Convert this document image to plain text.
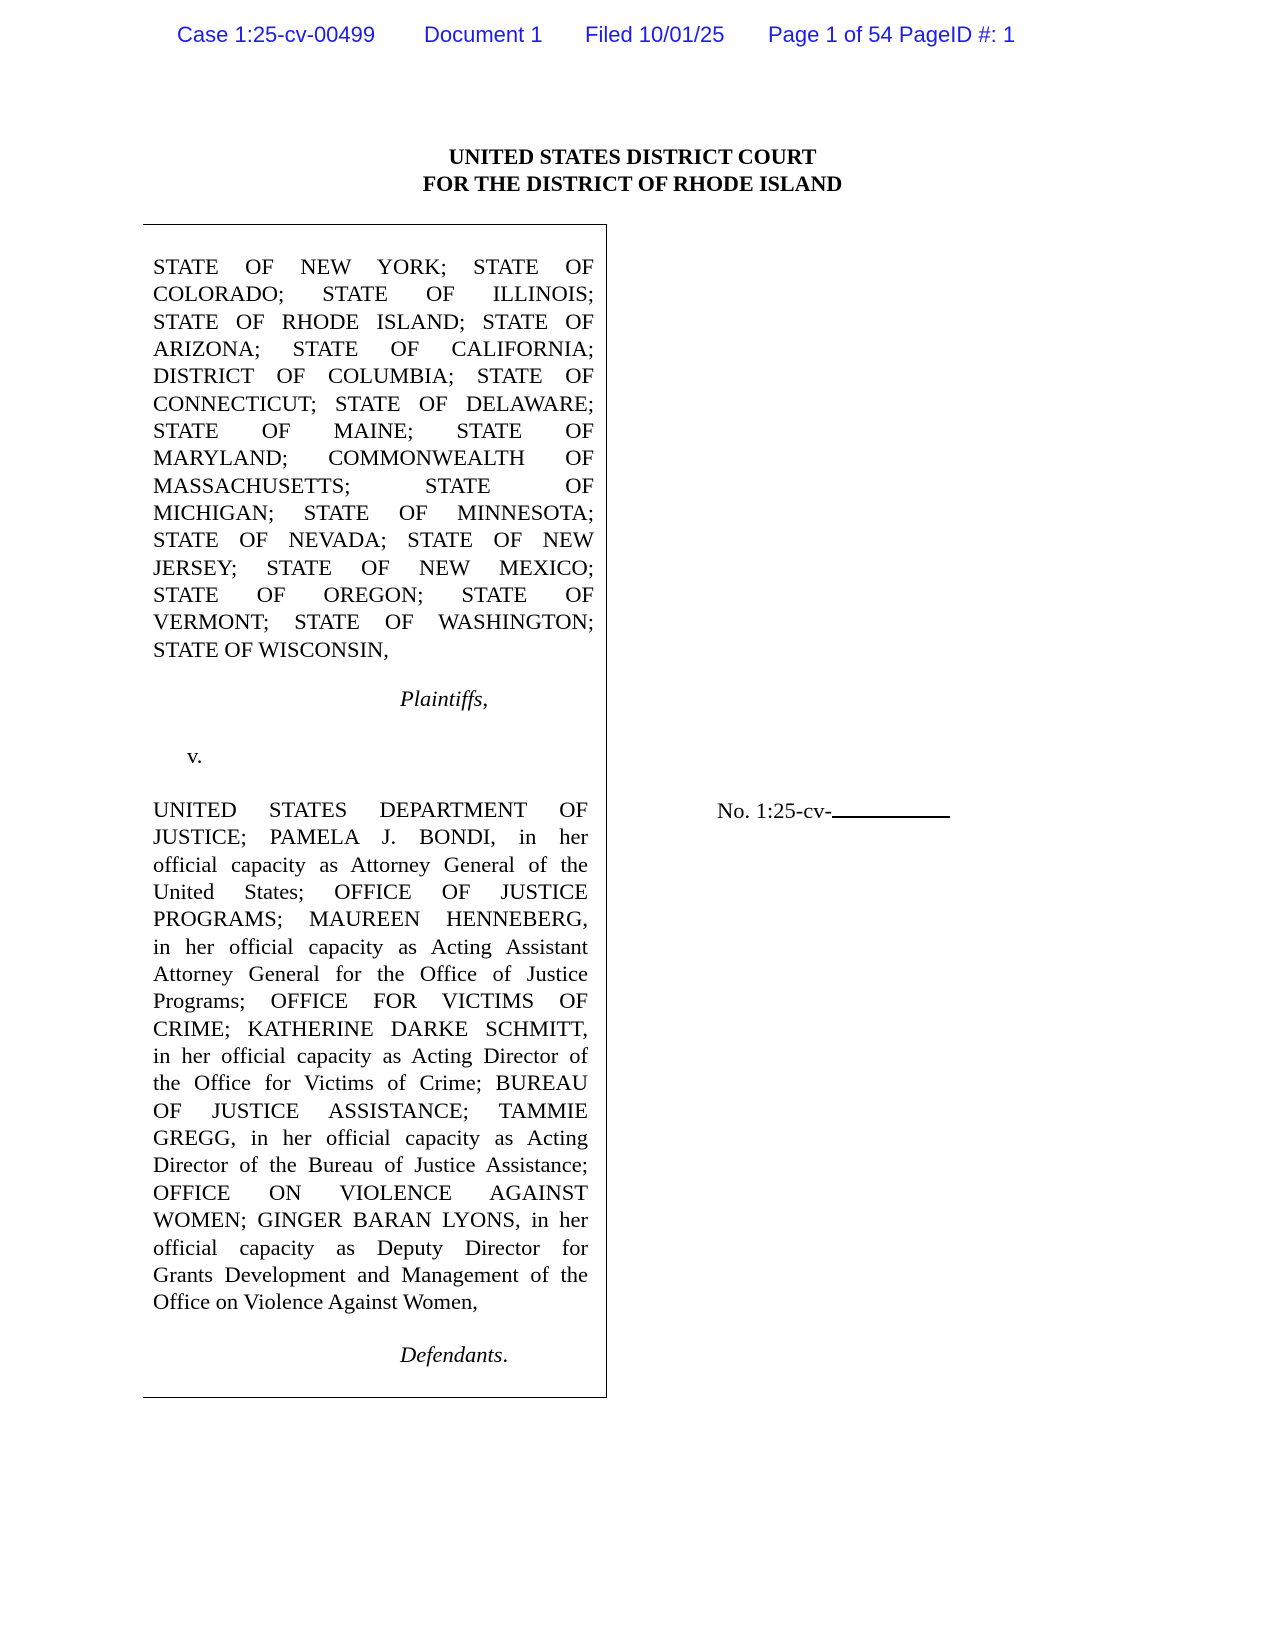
Case 1:25-cv-00499 Document 1 Filed 10/01/25 Page 1 of 54 PageID #: 1
UNITED STATES DISTRICT COURT
FOR THE DISTRICT OF RHODE ISLAND
STATE OF NEW YORK; STATE OF
COLORADO; STATE OF ILLINOIS;
STATE OF RHODE ISLAND; STATE OF
ARIZONA; STATE OF CALIFORNIA;
DISTRICT OF COLUMBIA; STATE OF
CONNECTICUT; STATE OF DELAWARE;
STATE OF MAINE; STATE OF
MARYLAND; COMMONWEALTH OF
MASSACHUSETTS; STATE OF
MICHIGAN; STATE OF MINNESOTA;
STATE OF NEVADA; STATE OF NEW
JERSEY; STATE OF NEW MEXICO;
STATE OF OREGON; STATE OF
VERMONT; STATE OF WASHINGTON;
STATE OF WISCONSIN,
Plaintiffs,
v.
UNITED STATES DEPARTMENT OF
JUSTICE; PAMELA J. BONDI, in her
official capacity as Attorney General of the
United States; OFFICE OF JUSTICE
PROGRAMS; MAUREEN HENNEBERG,
in her official capacity as Acting Assistant
Attorney General for the Office of Justice
Programs; OFFICE FOR VICTIMS OF
CRIME; KATHERINE DARKE SCHMITT,
in her official capacity as Acting Director of
the Office for Victims of Crime; BUREAU
OF JUSTICE ASSISTANCE; TAMMIE
GREGG, in her official capacity as Acting
Director of the Bureau of Justice Assistance;
OFFICE ON VIOLENCE AGAINST
WOMEN; GINGER BARAN LYONS, in her
official capacity as Deputy Director for
Grants Development and Management of the
Office on Violence Against Women,
Defendants.
No. 1:25-cv-
